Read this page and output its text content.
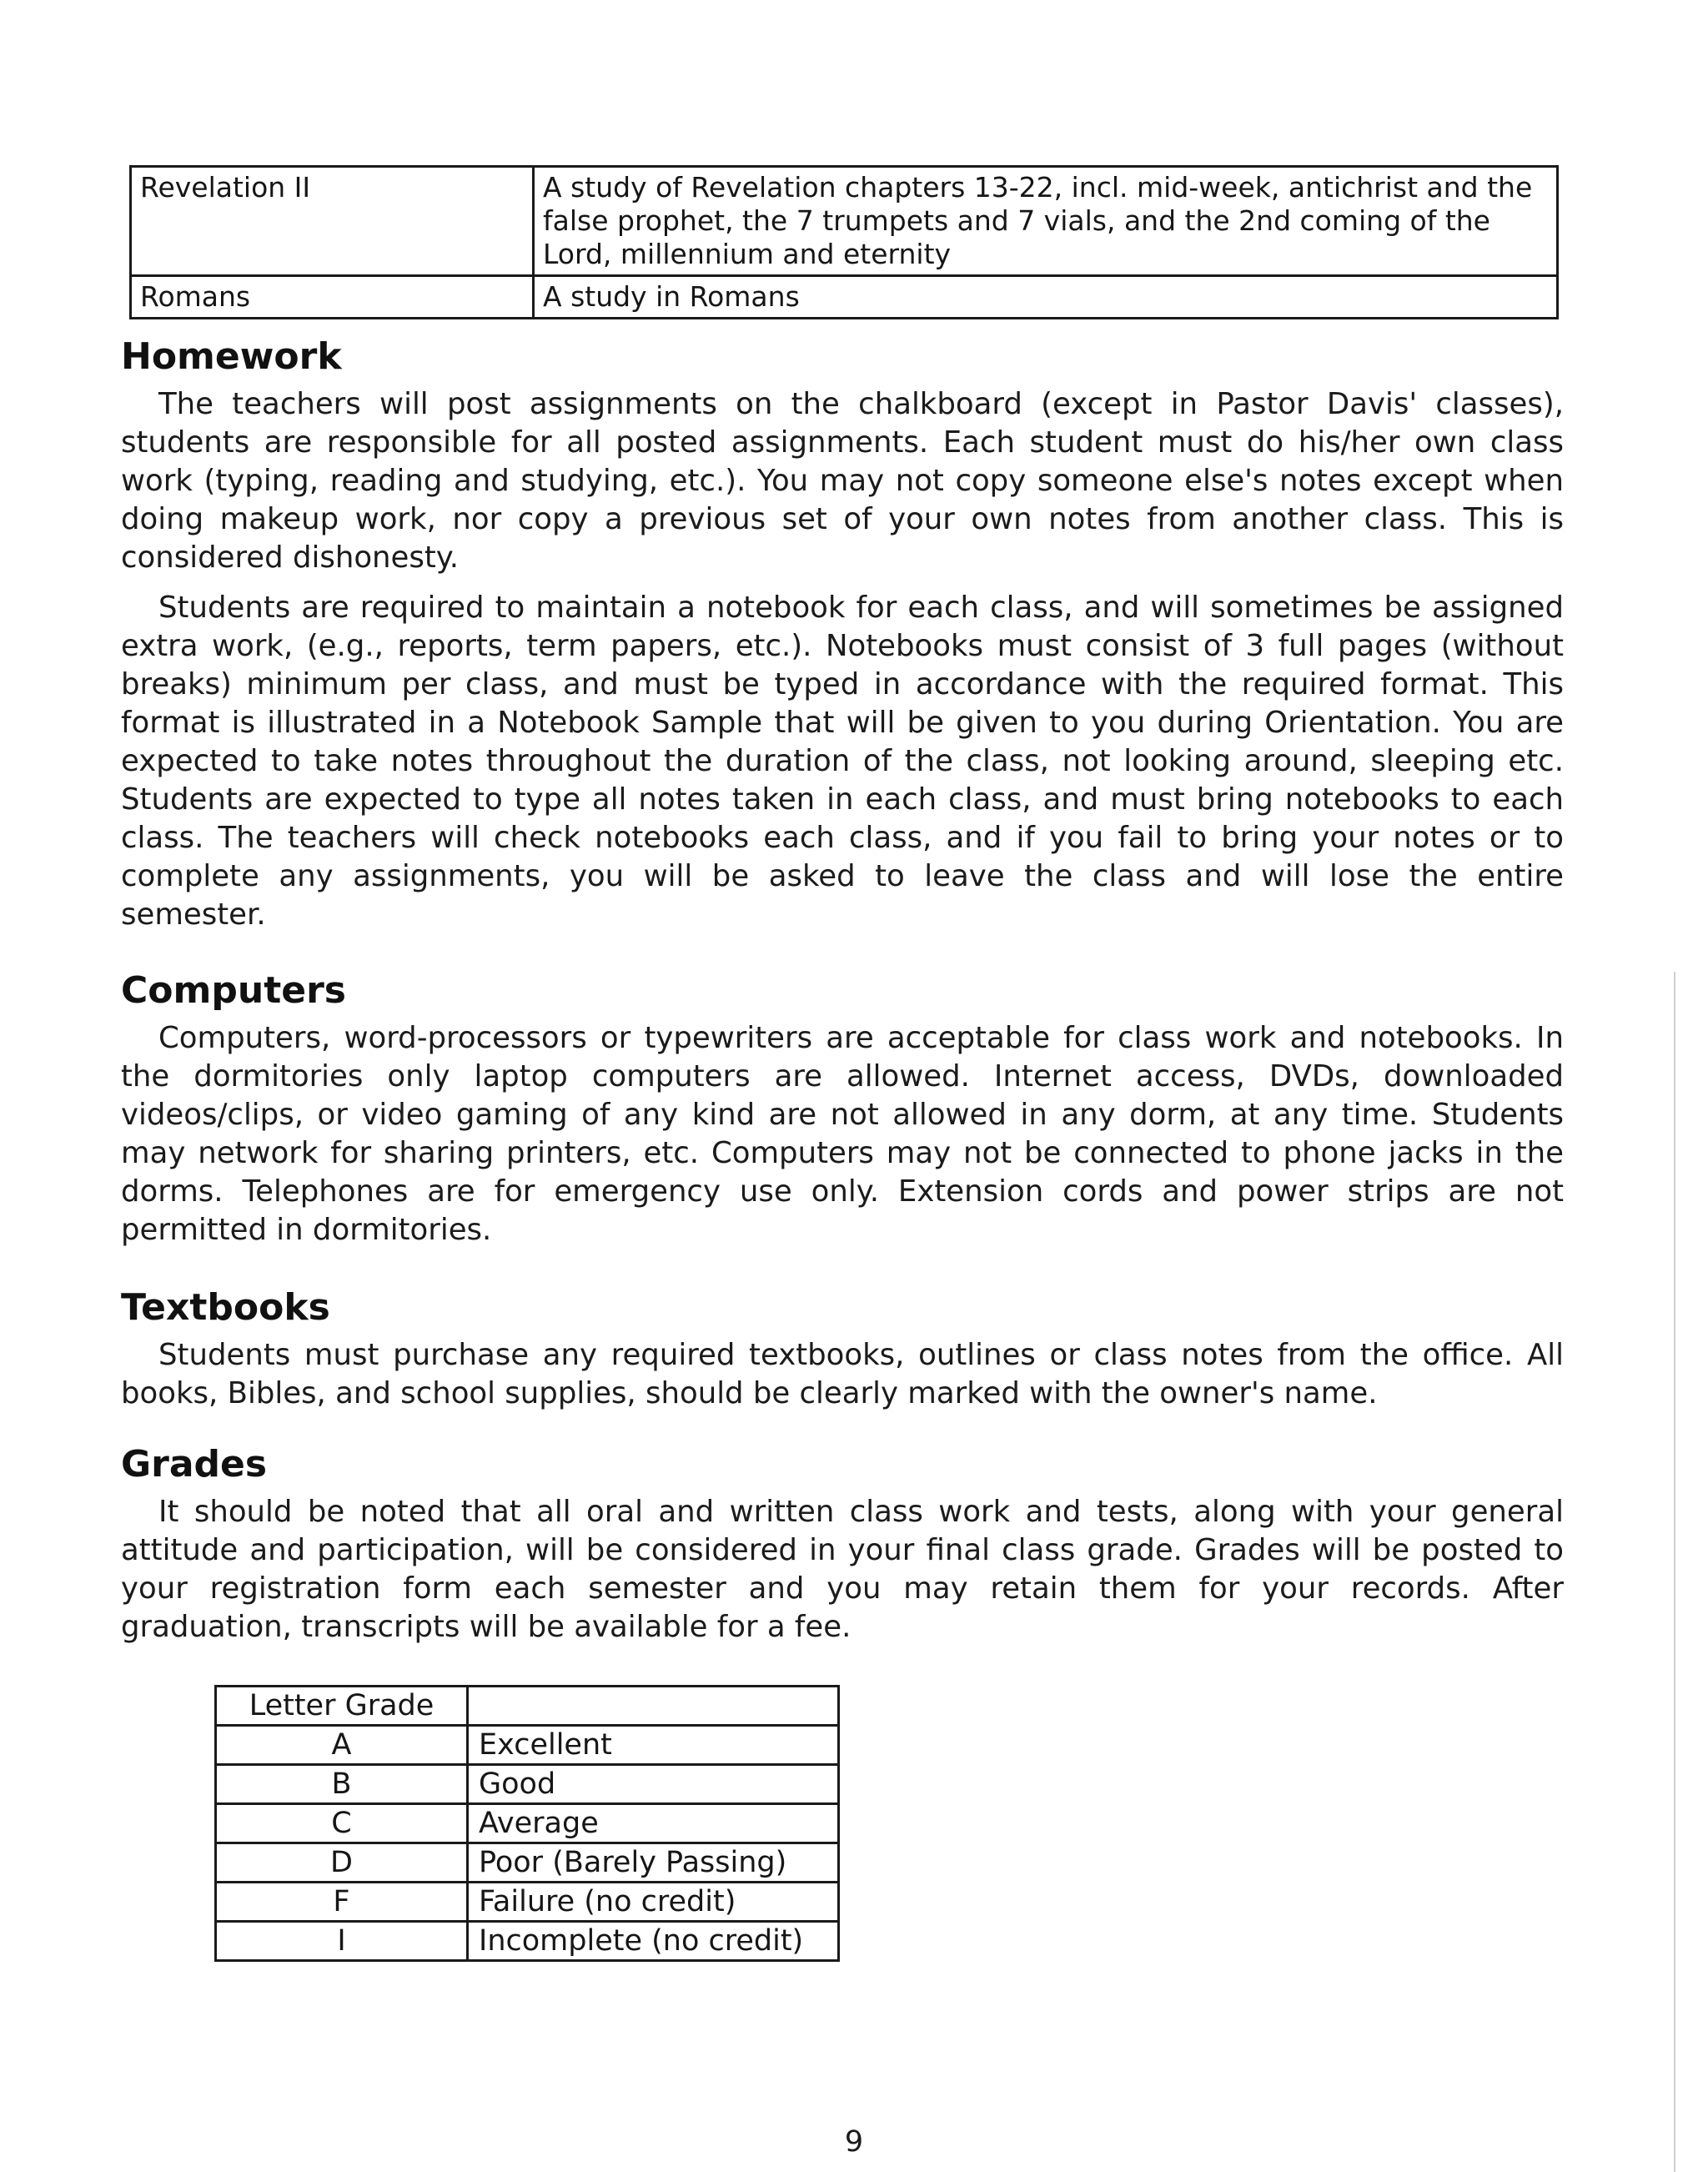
Revelation II	A study of Revelation chapters 13-22, incl. mid-week, antichrist and the false prophet, the 7 trumpets and 7 vials, and the 2nd coming of the Lord, millennium and eternity
Romans	A study in Romans
Homework

The teachers will post assignments on the chalkboard (except in Pastor Davis' classes), students are responsible for all posted assignments. Each student must do his/her own class work (typing, reading and studying, etc.). You may not copy someone else's notes except when doing makeup work, nor copy a previous set of your own notes from another class. This is considered dishonesty.

Students are required to maintain a notebook for each class, and will sometimes be assigned extra work, (e.g., reports, term papers, etc.). Notebooks must consist of 3 full pages (without breaks) minimum per class, and must be typed in accordance with the required format. This format is illustrated in a Notebook Sample that will be given to you during Orientation. You are expected to take notes throughout the duration of the class, not looking around, sleeping etc. Students are expected to type all notes taken in each class, and must bring notebooks to each class. The teachers will check notebooks each class, and if you fail to bring your notes or to complete any assignments, you will be asked to leave the class and will lose the entire semester.

Computers

Computers, word-processors or typewriters are acceptable for class work and notebooks. In the dormitories only laptop computers are allowed. Internet access, DVDs, downloaded videos/clips, or video gaming of any kind are not allowed in any dorm, at any time. Students may network for sharing printers, etc. Computers may not be connected to phone jacks in the dorms. Telephones are for emergency use only. Extension cords and power strips are not permitted in dormitories.

Textbooks

Students must purchase any required textbooks, outlines or class notes from the office. All books, Bibles, and school supplies, should be clearly marked with the owner's name.

Grades

It should be noted that all oral and written class work and tests, along with your general attitude and participation, will be considered in your final class grade. Grades will be posted to your registration form each semester and you may retain them for your records. After graduation, transcripts will be available for a fee.

Letter Grade	
A	Excellent
B	Good
C	Average
D	Poor (Barely Passing)
F	Failure (no credit)
I	Incomplete (no credit)
9
